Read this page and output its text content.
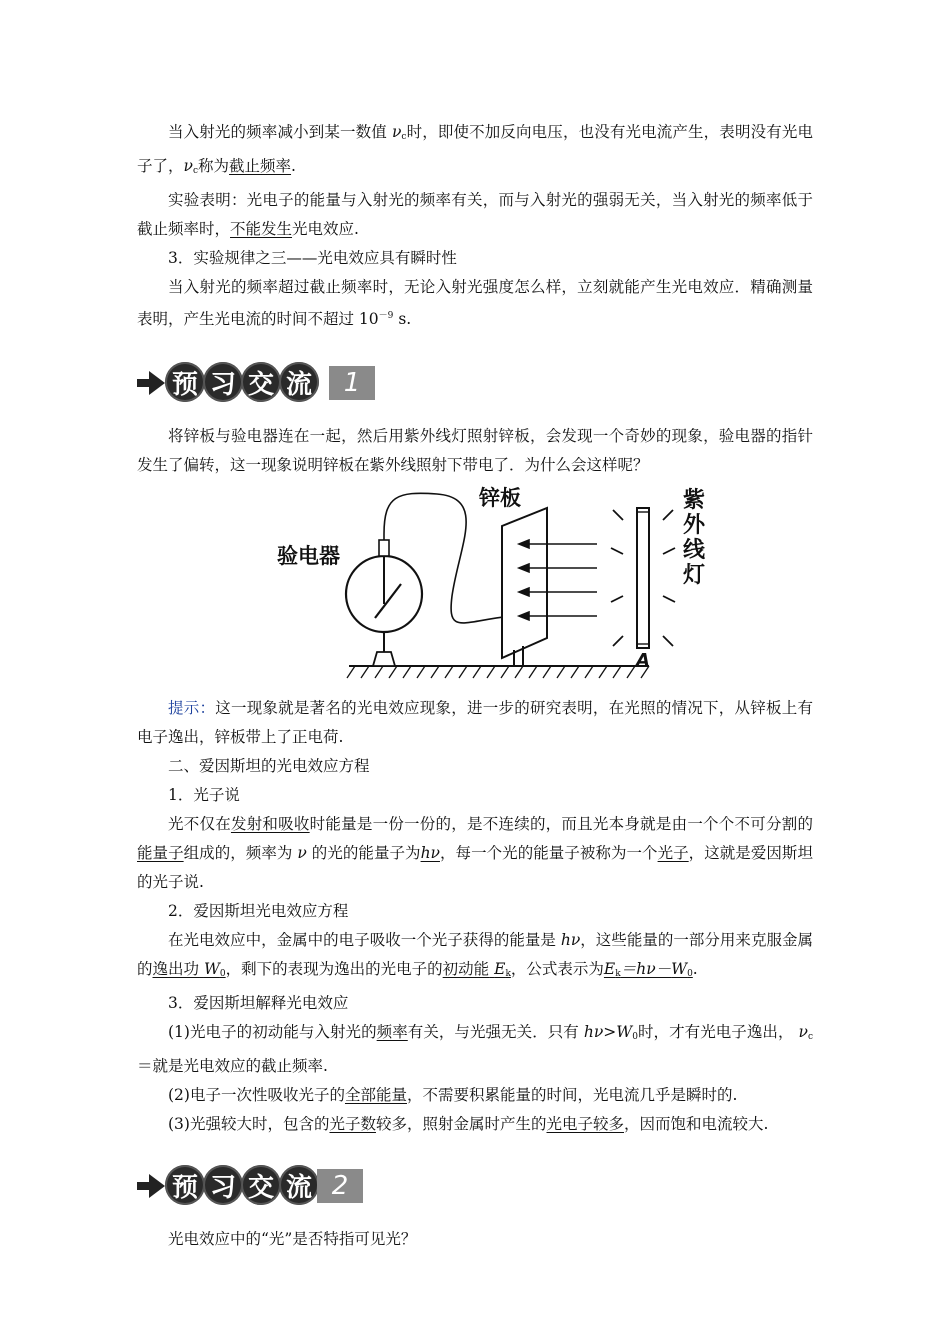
当入射光的频率减小到某一数值 $\nu_c$时，即使不加反向电压，也没有光电流产生，表明没有光电子了，$\nu_c$称为截止频率.

实验表明：光电子的能量与入射光的频率有关，而与入射光的强弱无关，当入射光的频率低于截止频率时，不能发生光电效应.

3．实验规律之三——光电效应具有瞬时性

当入射光的频率超过截止频率时，无论入射光强度怎么样，立刻就能产生光电效应．精确测量表明，产生光电流的时间不超过 $10^{-9}$ s.

预 习 交 流	1

将锌板与验电器连在一起，然后用紫外线灯照射锌板，会发现一个奇妙的现象，验电器的指针发生了偏转，这一现象说明锌板在紫外线照射下带电了．为什么会这样呢？

验电器
锌板	紫
外
线
灯
A

提示：这一现象就是著名的光电效应现象，进一步的研究表明，在光照的情况下，从锌板上有电子逸出，锌板带上了正电荷.

二、爱因斯坦的光电效应方程

1．光子说

光不仅在发射和吸收时能量是一份一份的，是不连续的，而且光本身就是由一个个不可分割的能量子组成的，频率为 ν 的光的能量子为hν，每一个光的能量子被称为一个光子，这就是爱因斯坦的光子说.

2．爱因斯坦光电效应方程

在光电效应中，金属中的电子吸收一个光子获得的能量是 hν，这些能量的一部分用来克服金属的逸出功 $W_0$，剩下的表现为逸出的光电子的初动能 $E_k$，公式表示为$E_k=h\nu-W_0$.

3．爱因斯坦解释光电效应

(1)光电子的初动能与入射光的频率有关，与光强无关．只有 $h\nu>W_0$时，才有光电子逸出， $\nu_c=$就是光电效应的截止频率.

(2)电子一次性吸收光子的全部能量，不需要积累能量的时间，光电流几乎是瞬时的.

(3)光强较大时，包含的光子数较多，照射金属时产生的光电子较多，因而饱和电流较大.

预 习 交 流 2

光电效应中的“光”是否特指可见光？
